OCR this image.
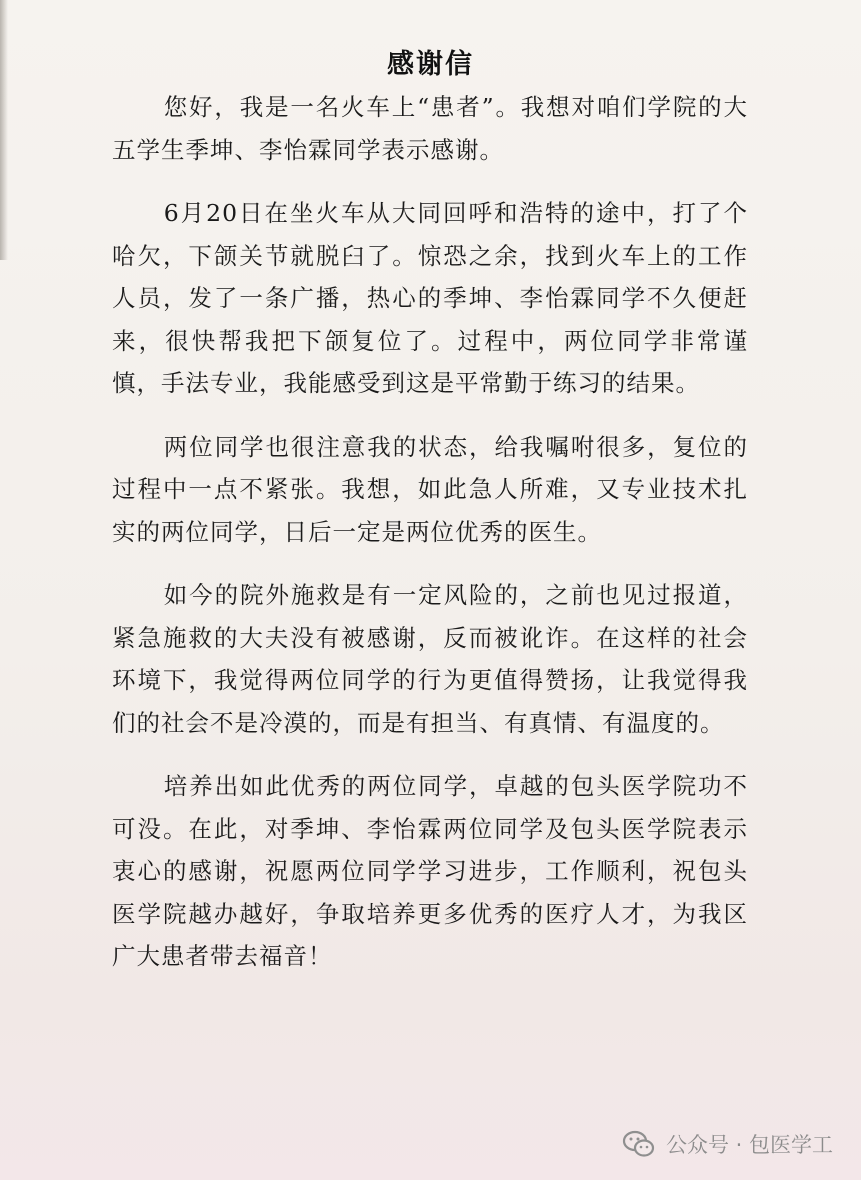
感谢信

您好，我是一名火车上“患者”。我想对咱们学院的大五学生季坤、李怡霖同学表示感谢。

6月20日在坐火车从大同回呼和浩特的途中，打了个哈欠，下颌关节就脱臼了。惊恐之余，找到火车上的工作人员，发了一条广播，热心的季坤、李怡霖同学不久便赶来，很快帮我把下颌复位了。过程中，两位同学非常谨慎，手法专业，我能感受到这是平常勤于练习的结果。

两位同学也很注意我的状态，给我嘱咐很多，复位的过程中一点不紧张。我想，如此急人所难，又专业技术扎实的两位同学，日后一定是两位优秀的医生。

如今的院外施救是有一定风险的，之前也见过报道，紧急施救的大夫没有被感谢，反而被讹诈。在这样的社会环境下，我觉得两位同学的行为更值得赞扬，让我觉得我们的社会不是冷漠的，而是有担当、有真情、有温度的。

培养出如此优秀的两位同学，卓越的包头医学院功不可没。在此，对季坤、李怡霖两位同学及包头医学院表示衷心的感谢，祝愿两位同学学习进步，工作顺利，祝包头医学院越办越好，争取培养更多优秀的医疗人才，为我区广大患者带去福音！

公众号 · 包医学工
